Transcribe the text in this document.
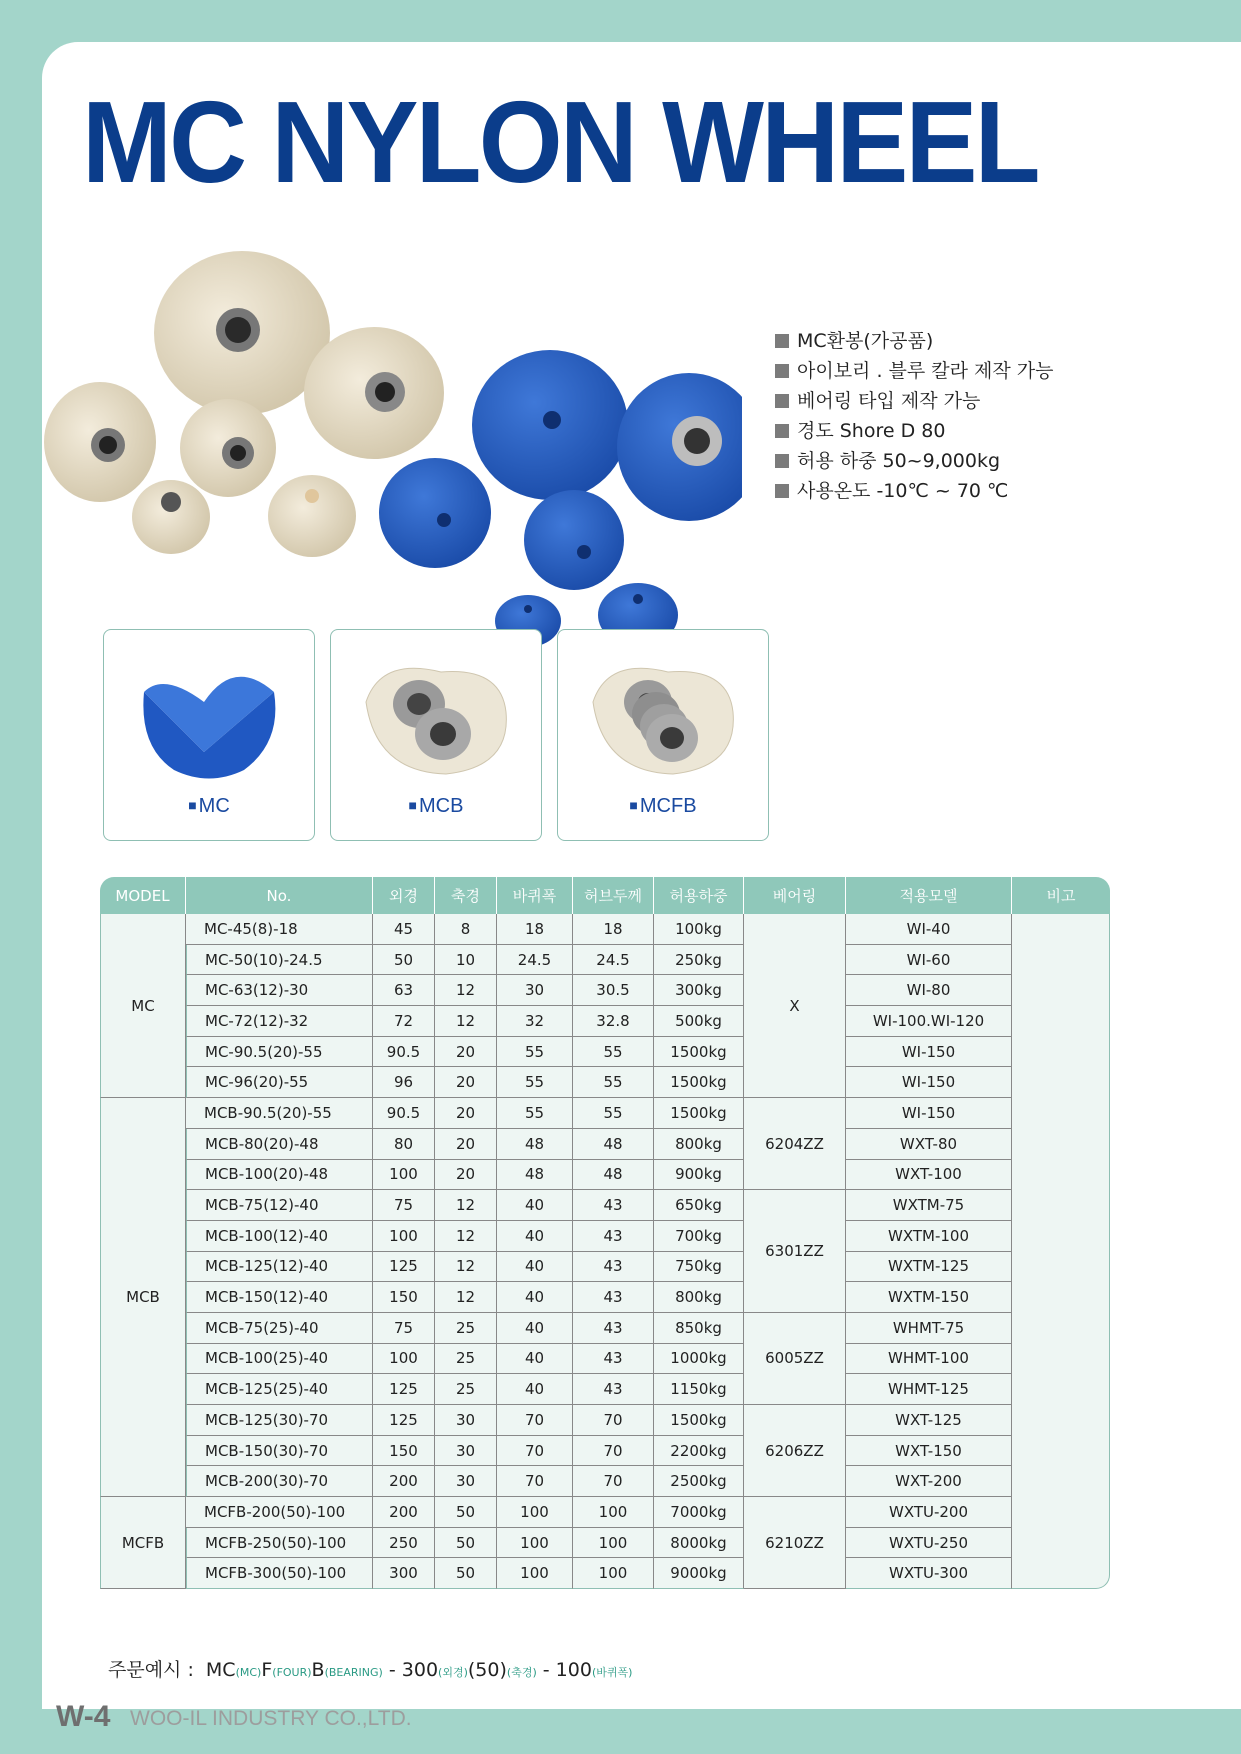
MC NYLON WHEEL
MC환봉(가공품)
아이보리 . 블루 칼라 제작 가능
베어링 타입 제작 가능
경도 Shore D 80
허용 하중 50~9,000kg
사용온도 -10℃ ~ 70 ℃
■ MC	■ MCB	■ MCFB
MODEL	No.	외경	축경	바퀴폭	허브두께	허용하중	베어링	적용모델	비고
MC	MC-45(8)-18	45	8	18	18	100kg	X	WI-40	
	MC-50(10)-24.5	50	10	24.5	24.5	250kg		WI-60	
	MC-63(12)-30	63	12	30	30.5	300kg		WI-80	
	MC-72(12)-32	72	12	32	32.8	500kg		WI-100.WI-120	
	MC-90.5(20)-55	90.5	20	55	55	1500kg		WI-150	
	MC-96(20)-55	96	20	55	55	1500kg		WI-150	
MCB	MCB-90.5(20)-55	90.5	20	55	55	1500kg	6204ZZ	WI-150	
	MCB-80(20)-48	80	20	48	48	800kg		WXT-80	
	MCB-100(20)-48	100	20	48	48	900kg		WXT-100	
	MCB-75(12)-40	75	12	40	43	650kg	6301ZZ	WXTM-75	
	MCB-100(12)-40	100	12	40	43	700kg		WXTM-100	
	MCB-125(12)-40	125	12	40	43	750kg		WXTM-125	
	MCB-150(12)-40	150	12	40	43	800kg		WXTM-150	
	MCB-75(25)-40	75	25	40	43	850kg	6005ZZ	WHMT-75	
	MCB-100(25)-40	100	25	40	43	1000kg		WHMT-100	
	MCB-125(25)-40	125	25	40	43	1150kg		WHMT-125	
	MCB-125(30)-70	125	30	70	70	1500kg	6206ZZ	WXT-125	
	MCB-150(30)-70	150	30	70	70	2200kg		WXT-150	
	MCB-200(30)-70	200	30	70	70	2500kg		WXT-200	
MCFB	MCFB-200(50)-100	200	50	100	100	7000kg	6210ZZ	WXTU-200	
	MCFB-250(50)-100	250	50	100	100	8000kg		WXTU-250	
	MCFB-300(50)-100	300	50	100	100	9000kg		WXTU-300	
주문예시 : MC(MC)F(FOUR)B(BEARING) - 300(외경)(50)(축경) - 100(바퀴폭)
W-4 WOO-IL INDUSTRY CO.,LTD.
